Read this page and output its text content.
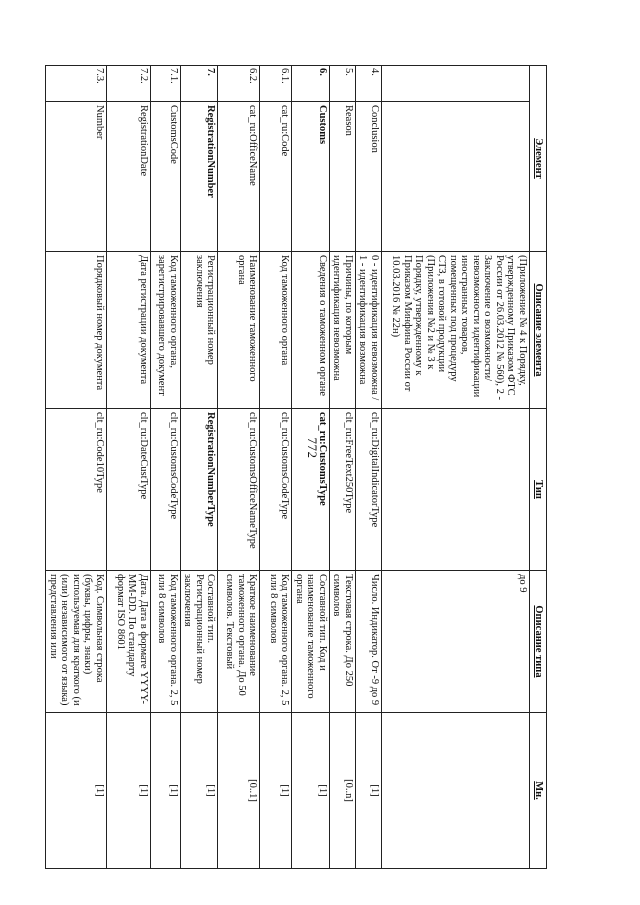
772
Элемент		Описание элемента	Тип	Описание типа	Мн.
		(Приложение № 4 к Порядку, утвержденному Приказом ФТС России от 26.03.2012 № 560), 2 - Заключение о возможности/невозможности идентификации иностранных товаров, помещенных под процедуру СТЗ, в готовой продукции (Приложения №2 и № 3 к Порядку, утвержденному к Приказом Минфина России от 10.03.2016 № 22н)		до 9	
4.	Conclusion	0 - идентификация невозможна / 1 - идентификация возможна	clt_ru:DigitalIndicatorType	Число. Индикатор. От -9 до 9	[1]
5.	Reason	Причины, по которым идентификация невозможна	clt_ru:FreeText250Type	Текстовая строка. До 250 символов	[0..n]
6.	Customs	Сведения о таможенном органе	cat_ru:CustomsType	Составной тип. Код и наименование таможенного органа	[1]
6.1.	cat_ru:Code	Код таможенного органа	clt_ru:CustomsCodeType	Код таможенного органа. 2, 5 или 8 символов	[1]
6.2.	cat_ru:OfficeName	Наименование таможенного органа	clt_ru:CustomsOfficeNameType	Краткое наименование таможенного органа. До 50 символов. Текстовый	[0..1]
7.	RegistrationNumber	Регистрационный номер заключения	RegistrationNumberType	Составной тип. Регистрационный номер заключения	[1]
7.1.	CustomsCode	Код таможенного органа, зарегистрировавшего документ	clt_ru:CustomsCodeType	Код таможенного органа. 2, 5 или 8 символов	[1]
7.2.	RegistrationDate	Дата регистрации документа	clt_ru:DateCustType	Дата. Дата в формате YYYY-MM-DD. По стандарту формат ISO 8601	[1]
7.3.	Number	Порядковый номер документа	clt_ru:Code10Type	Код. Символьная строка (буквы, цифры, знаки) используемая для краткого (и (или) независимого от языка) представления или	[1]
